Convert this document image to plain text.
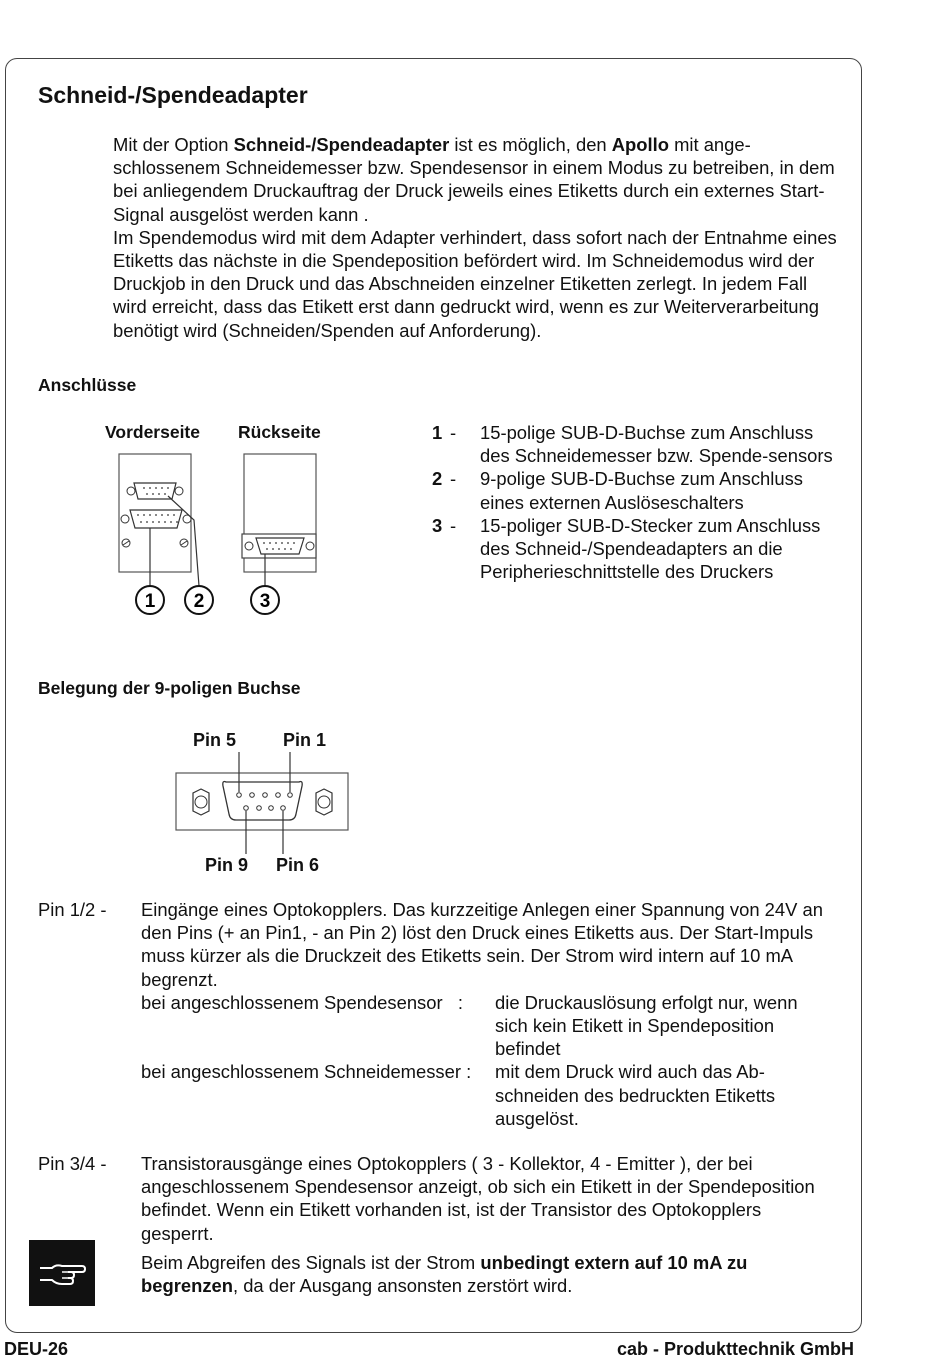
Schneid-/Spendeadapter

Mit der Option Schneid-/Spendeadapter ist es möglich, den Apollo mit angeschlossenem Schneidemesser bzw. Spendesensor in einem Modus zu betreiben, in dem bei anliegendem Druckauftrag der Druck jeweils eines Etiketts durch ein externes Start-Signal ausgelöst werden kann .

Im Spendemodus wird mit dem Adapter verhindert, dass sofort nach der Entnahme eines Etiketts das nächste in die Spendeposition befördert wird. Im Schneidemodus wird der Druckjob in den Druck und das Abschneiden einzelner Etiketten zerlegt. In jedem Fall wird erreicht, dass das Etikett erst dann gedruckt wird, wenn es zur Weiterverarbeitung benötigt wird (Schneiden/Spenden auf Anforderung).

Anschlüsse
Vorderseite Rückseite
1 2	3
1 -	15-polige SUB-D-Buchse zum Anschluss des Schneidemesser bzw. Spende-sensors
2 -	9-polige SUB-D-Buchse zum Anschluss eines externen Auslöseschalters
3 -	15-poliger SUB-D-Stecker zum Anschluss des Schneid-/Spendeadapters an die Peripherieschnittstelle des Druckers
Belegung der 9-poligen Buchse
Pin 5	Pin 1
Pin 9 Pin 6
Pin 1/2 - Eingänge eines Optokopplers. Das kurzzeitige Anlegen einer Spannung von 24V an den Pins (+ an Pin1, - an Pin 2) löst den Druck eines Etiketts aus. Der Start-Impuls muss kürzer als die Druckzeit des Etiketts sein. Der Strom wird intern auf 10 mA begrenzt.

bei angeschlossenem Spendesensor   :	die Druckauslösung erfolgt nur, wenn sich kein Etikett in Spendeposition befindet
bei angeschlossenem Schneidemesser :	mit dem Druck wird auch das Abschneiden des bedruckten Etiketts ausgelöst.
Pin 3/4 - Transistorausgänge eines Optokopplers ( 3 - Kollektor, 4 - Emitter ), der bei angeschlossenem Spendesensor anzeigt, ob sich ein Etikett in der Spendeposition befindet. Wenn ein Etikett vorhanden ist, ist der Transistor des Optokopplers gesperrt.

Beim Abgreifen des Signals ist der Strom unbedingt extern auf 10 mA zu begrenzen, da der Ausgang ansonsten zerstört wird.

DEU-26	cab - Produkttechnik GmbH
